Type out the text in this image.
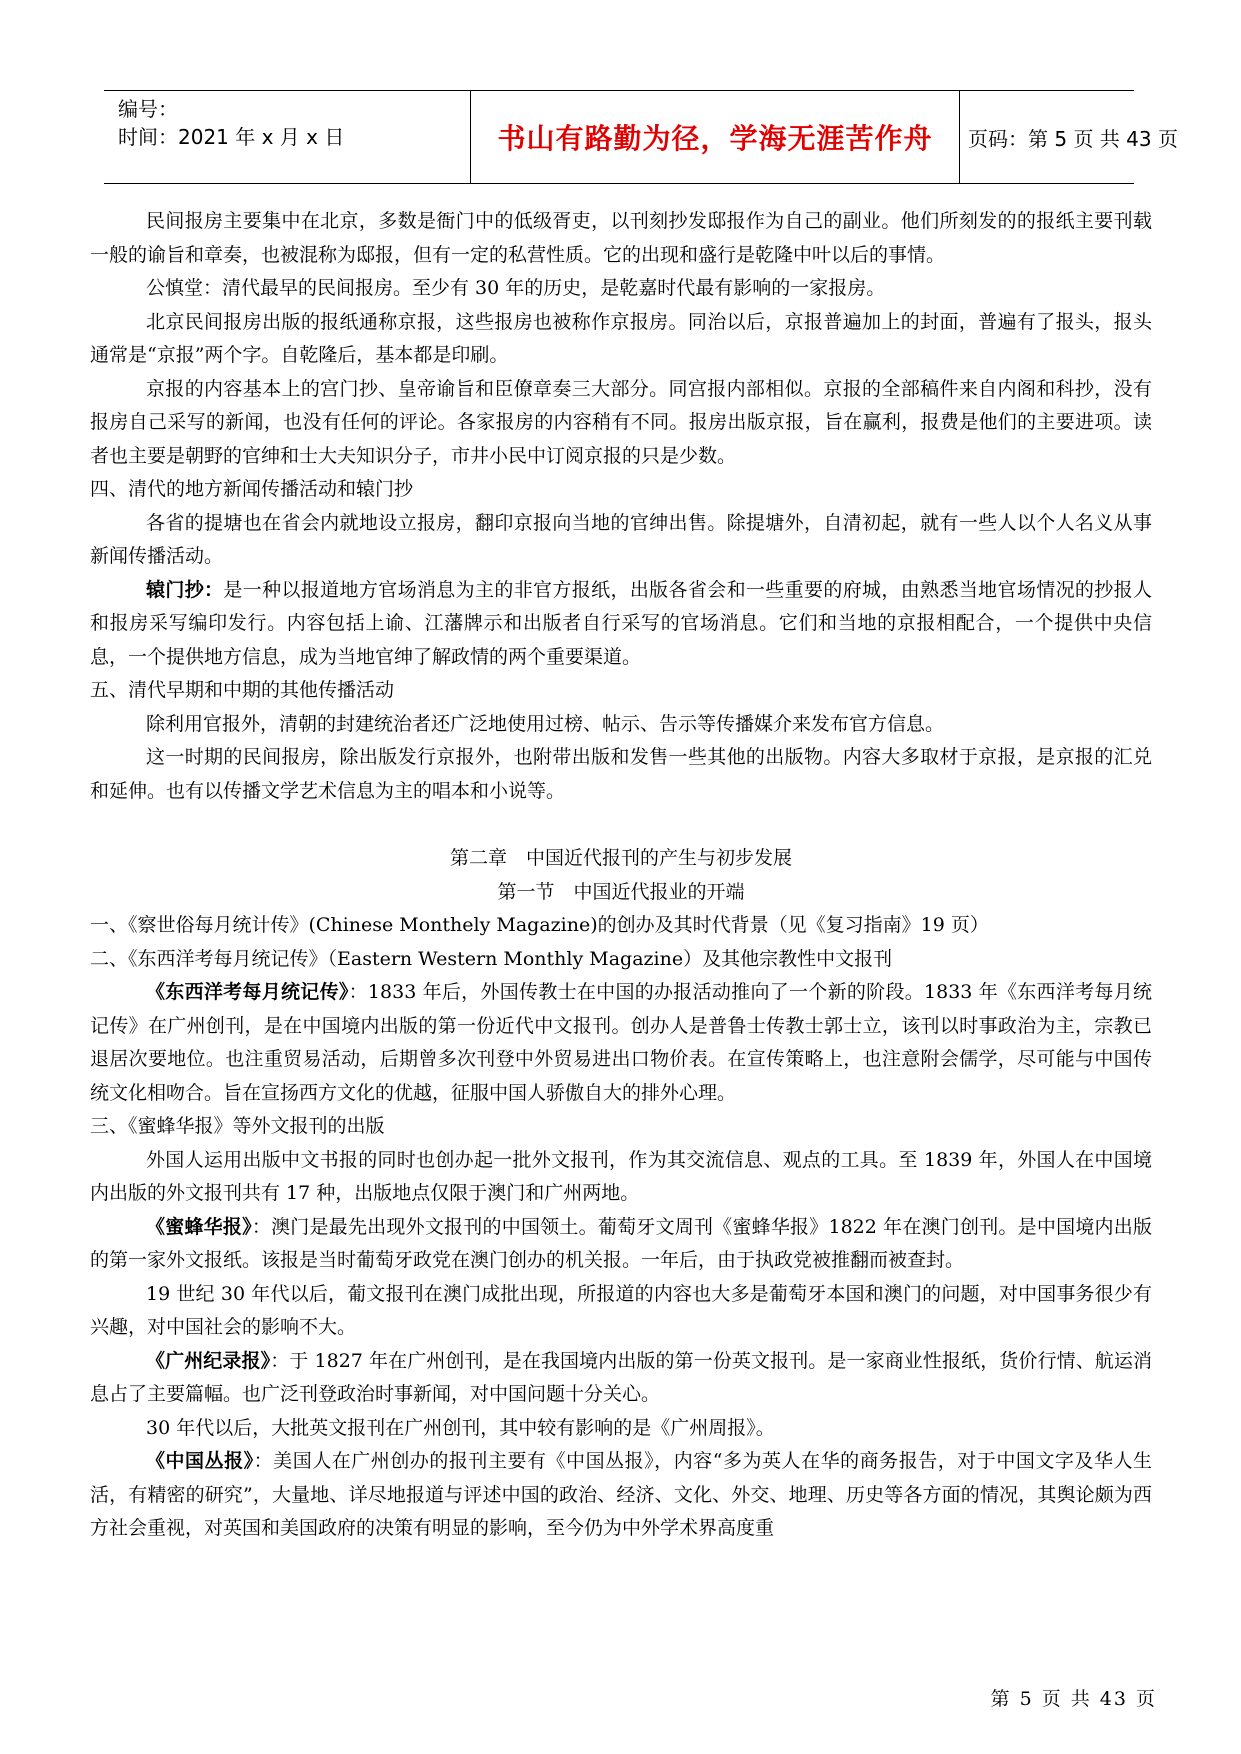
编号：
时间：2021 年 x 月 x 日	书山有路勤为径，学海无涯苦作舟	页码：第 5 页 共 43 页

民间报房主要集中在北京，多数是衙门中的低级胥吏，以刊刻抄发邸报作为自己的副业。他们所刻发的的报纸主要刊载一般的谕旨和章奏，也被混称为邸报，但有一定的私营性质。它的出现和盛行是乾隆中叶以后的事情。

公慎堂：清代最早的民间报房。至少有 30 年的历史，是乾嘉时代最有影响的一家报房。

北京民间报房出版的报纸通称京报，这些报房也被称作京报房。同治以后，京报普遍加上的封面，普遍有了报头，报头通常是“京报”两个字。自乾隆后，基本都是印刷。

京报的内容基本上的宫门抄、皇帝谕旨和臣僚章奏三大部分。同宫报内部相似。京报的全部稿件来自内阁和科抄，没有报房自己采写的新闻，也没有任何的评论。各家报房的内容稍有不同。报房出版京报，旨在赢利，报费是他们的主要进项。读者也主要是朝野的官绅和士大夫知识分子，市井小民中订阅京报的只是少数。

四、清代的地方新闻传播活动和辕门抄

各省的提塘也在省会内就地设立报房，翻印京报向当地的官绅出售。除提塘外，自清初起，就有一些人以个人名义从事新闻传播活动。

辕门抄：是一种以报道地方官场消息为主的非官方报纸，出版各省会和一些重要的府城，由熟悉当地官场情况的抄报人和报房采写编印发行。内容包括上谕、江藩牌示和出版者自行采写的官场消息。它们和当地的京报相配合，一个提供中央信息，一个提供地方信息，成为当地官绅了解政情的两个重要渠道。

五、清代早期和中期的其他传播活动

除利用官报外，清朝的封建统治者还广泛地使用过榜、帖示、告示等传播媒介来发布官方信息。

这一时期的民间报房，除出版发行京报外，也附带出版和发售一些其他的出版物。内容大多取材于京报，是京报的汇兑和延伸。也有以传播文学艺术信息为主的唱本和小说等。

第二章　中国近代报刊的产生与初步发展

第一节　中国近代报业的开端

一、《察世俗每月统计传》(Chinese Monthely Magazine)的创办及其时代背景（见《复习指南》19 页）

二、《东西洋考每月统记传》（Eastern Western Monthly Magazine）及其他宗教性中文报刊

《东西洋考每月统记传》：1833 年后，外国传教士在中国的办报活动推向了一个新的阶段。1833 年《东西洋考每月统记传》在广州创刊，是在中国境内出版的第一份近代中文报刊。创办人是普鲁士传教士郭士立，该刊以时事政治为主，宗教已退居次要地位。也注重贸易活动，后期曾多次刊登中外贸易进出口物价表。在宣传策略上，也注意附会儒学，尽可能与中国传统文化相吻合。旨在宣扬西方文化的优越，征服中国人骄傲自大的排外心理。

三、《蜜蜂华报》等外文报刊的出版

外国人运用出版中文书报的同时也创办起一批外文报刊，作为其交流信息、观点的工具。至 1839 年，外国人在中国境内出版的外文报刊共有 17 种，出版地点仅限于澳门和广州两地。

《蜜蜂华报》：澳门是最先出现外文报刊的中国领土。葡萄牙文周刊《蜜蜂华报》1822 年在澳门创刊。是中国境内出版的第一家外文报纸。该报是当时葡萄牙政党在澳门创办的机关报。一年后，由于执政党被推翻而被查封。

19 世纪 30 年代以后，葡文报刊在澳门成批出现，所报道的内容也大多是葡萄牙本国和澳门的问题，对中国事务很少有兴趣，对中国社会的影响不大。

《广州纪录报》：于 1827 年在广州创刊，是在我国境内出版的第一份英文报刊。是一家商业性报纸，货价行情、航运消息占了主要篇幅。也广泛刊登政治时事新闻，对中国问题十分关心。

30 年代以后，大批英文报刊在广州创刊，其中较有影响的是《广州周报》。

《中国丛报》：美国人在广州创办的报刊主要有《中国丛报》，内容“多为英人在华的商务报告，对于中国文字及华人生活，有精密的研究”，大量地、详尽地报道与评述中国的政治、经济、文化、外交、地理、历史等各方面的情况，其舆论颇为西方社会重视，对英国和美国政府的决策有明显的影响，至今仍为中外学术界高度重

第 5 页 共 43 页
